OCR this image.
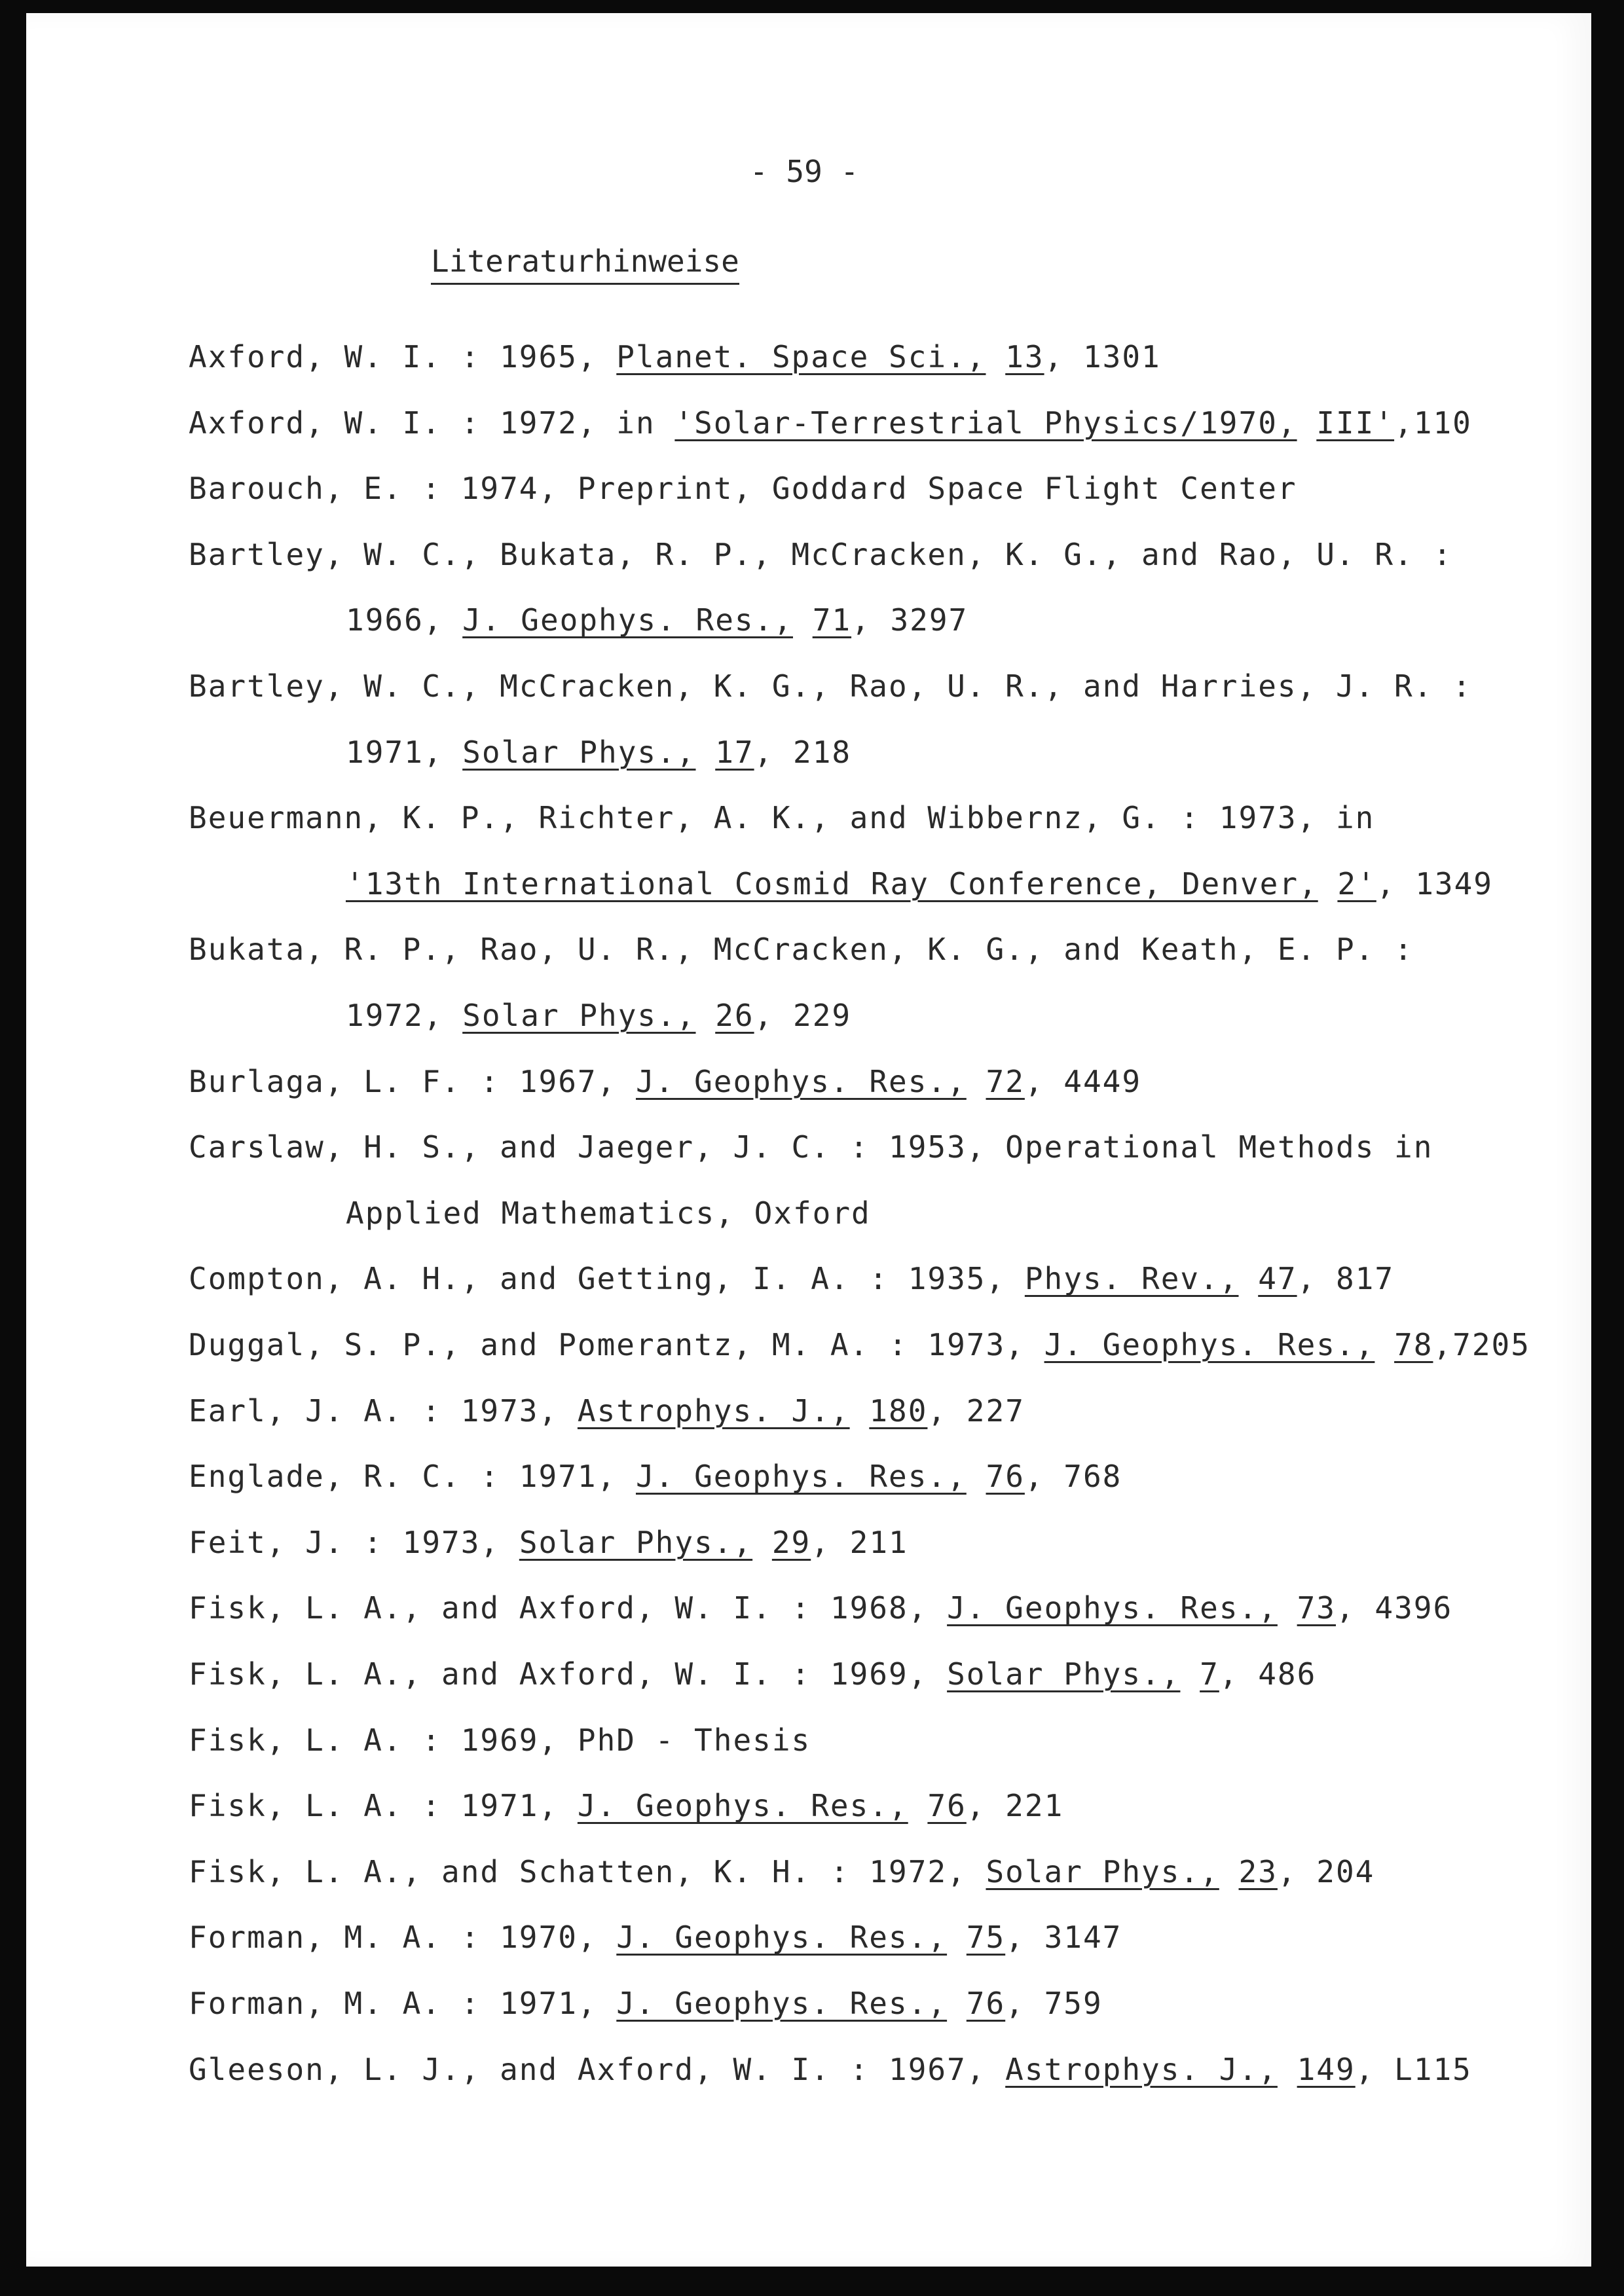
- 59 -
Literaturhinweise
Axford, W. I. : 1965, Planet. Space Sci., 13, 1301
Axford, W. I. : 1972, in 'Solar-Terrestrial Physics/1970, III',110
Barouch, E. : 1974, Preprint, Goddard Space Flight Center
Bartley, W. C., Bukata, R. P., McCracken, K. G., and Rao, U. R. :
1966, J. Geophys. Res., 71, 3297
Bartley, W. C., McCracken, K. G., Rao, U. R., and Harries, J. R. :
1971, Solar Phys., 17, 218
Beuermann, K. P., Richter, A. K., and Wibbernz, G. : 1973, in
'13th International Cosmid Ray Conference, Denver, 2', 1349
Bukata, R. P., Rao, U. R., McCracken, K. G., and Keath, E. P. :
1972, Solar Phys., 26, 229
Burlaga, L. F. : 1967, J. Geophys. Res., 72, 4449
Carslaw, H. S., and Jaeger, J. C. : 1953, Operational Methods in
Applied Mathematics, Oxford
Compton, A. H., and Getting, I. A. : 1935, Phys. Rev., 47, 817
Duggal, S. P., and Pomerantz, M. A. : 1973, J. Geophys. Res., 78,7205
Earl, J. A. : 1973, Astrophys. J., 180, 227
Englade, R. C. : 1971, J. Geophys. Res., 76, 768
Feit, J. : 1973, Solar Phys., 29, 211
Fisk, L. A., and Axford, W. I. : 1968, J. Geophys. Res., 73, 4396
Fisk, L. A., and Axford, W. I. : 1969, Solar Phys., 7, 486
Fisk, L. A. : 1969, PhD - Thesis
Fisk, L. A. : 1971, J. Geophys. Res., 76, 221
Fisk, L. A., and Schatten, K. H. : 1972, Solar Phys., 23, 204
Forman, M. A. : 1970, J. Geophys. Res., 75, 3147
Forman, M. A. : 1971, J. Geophys. Res., 76, 759
Gleeson, L. J., and Axford, W. I. : 1967, Astrophys. J., 149, L115
